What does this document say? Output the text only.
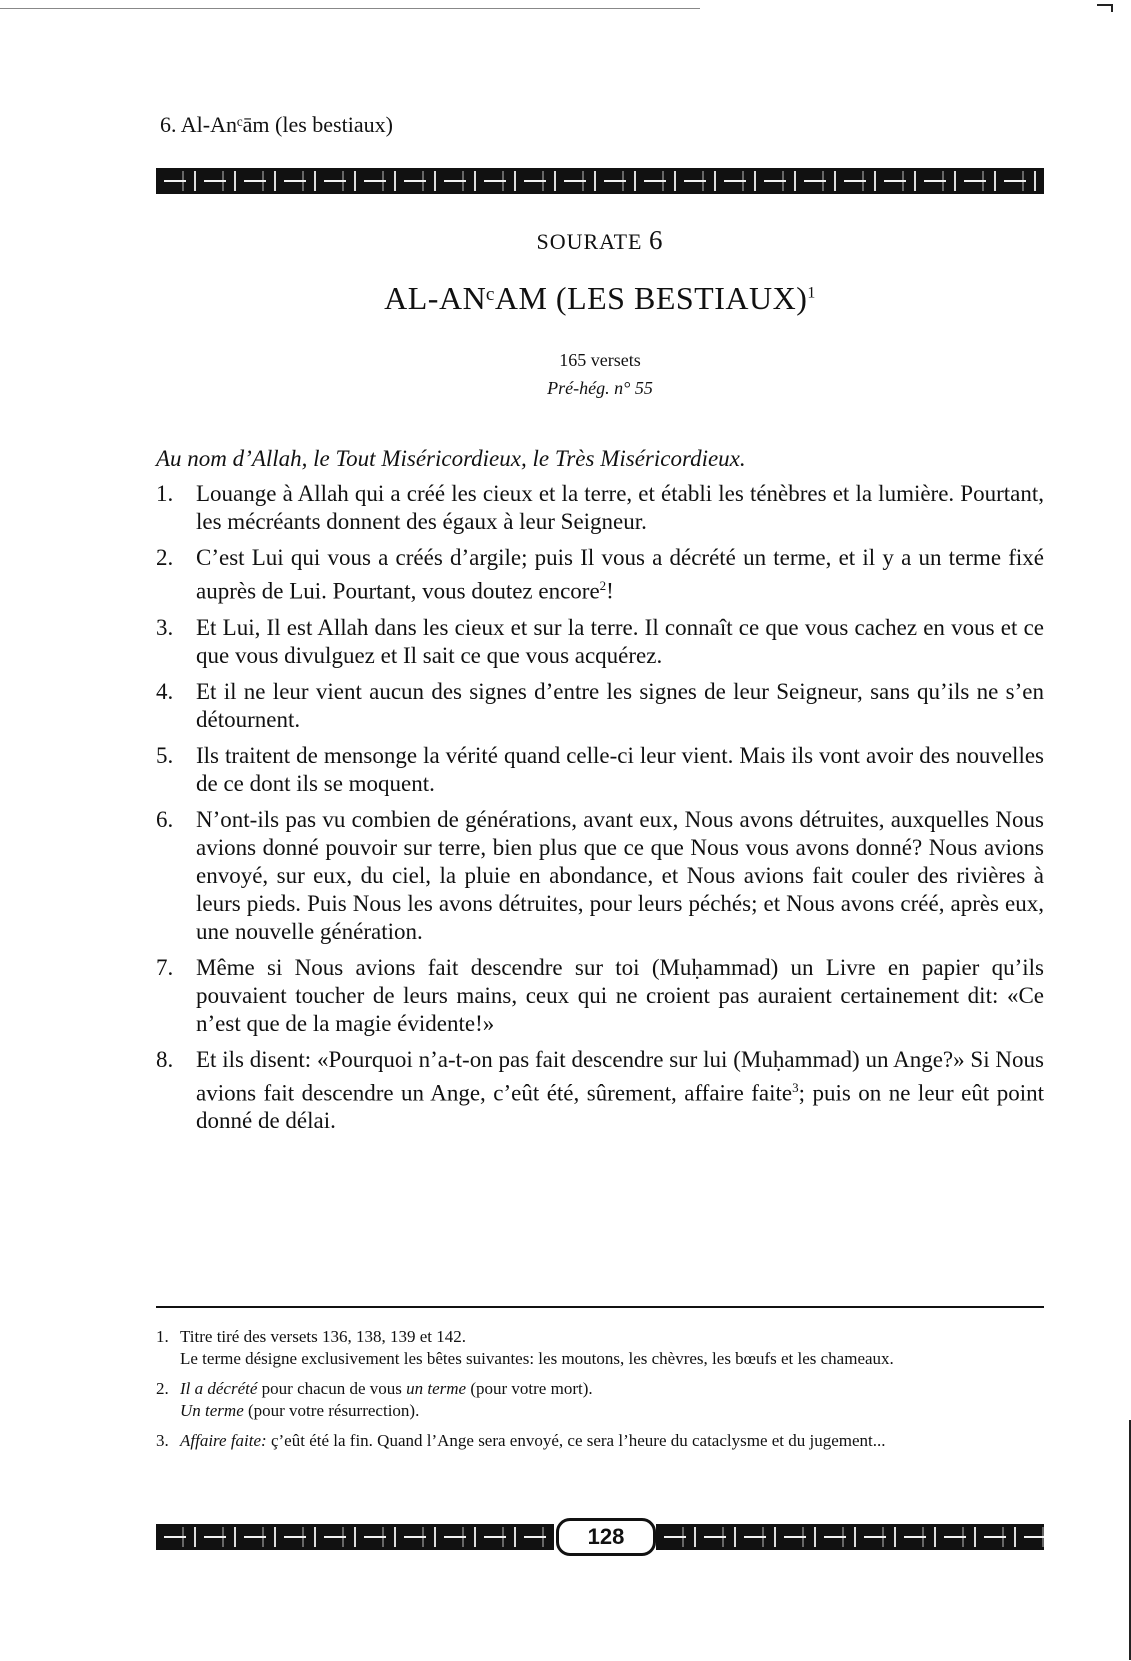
6. Al-Anᶜām (les bestiaux)
SOURATE 6
AL-ANᶜAM (LES BESTIAUX)$^1$
165 versets
Pré-hég. n° 55
Au nom d’Allah, le Tout Miséricordieux, le Très Miséricordieux.
1. Louange à Allah qui a créé les cieux et la terre, et établi les ténèbres et la lumière. Pourtant, les mécréants donnent des égaux à leur Seigneur.
2. C’est Lui qui vous a créés d’argile; puis Il vous a décrété un terme, et il y a un terme fixé auprès de Lui. Pourtant, vous doutez encore$^2$!
3. Et Lui, Il est Allah dans les cieux et sur la terre. Il connaît ce que vous cachez en vous et ce que vous divulguez et Il sait ce que vous acquérez.
4. Et il ne leur vient aucun des signes d’entre les signes de leur Seigneur, sans qu’ils ne s’en détournent.
5. Ils traitent de mensonge la vérité quand celle-ci leur vient. Mais ils vont avoir des nouvelles de ce dont ils se moquent.
6. N’ont-ils pas vu combien de générations, avant eux, Nous avons détruites, auxquelles Nous avions donné pouvoir sur terre, bien plus que ce que Nous vous avons donné? Nous avions envoyé, sur eux, du ciel, la pluie en abondance, et Nous avions fait couler des rivières à leurs pieds. Puis Nous les avons détruites, pour leurs péchés; et Nous avons créé, après eux, une nouvelle génération.
7. Même si Nous avions fait descendre sur toi (Muḥammad) un Livre en papier qu’ils pouvaient toucher de leurs mains, ceux qui ne croient pas auraient certainement dit: «Ce n’est que de la magie évidente!»
8. Et ils disent: «Pourquoi n’a-t-on pas fait descendre sur lui (Muḥammad) un Ange?» Si Nous avions fait descendre un Ange, c’eût été, sûrement, affaire faite$^3$; puis on ne leur eût point donné de délai.
1. Titre tiré des versets 136, 138, 139 et 142.
Le terme désigne exclusivement les bêtes suivantes: les moutons, les chèvres, les bœufs et les chameaux.
2. Il a décrété pour chacun de vous un terme (pour votre mort).
Un terme (pour votre résurrection).
3. Affaire faite: ç’eût été la fin. Quand l’Ange sera envoyé, ce sera l’heure du cataclysme et du jugement...
128
